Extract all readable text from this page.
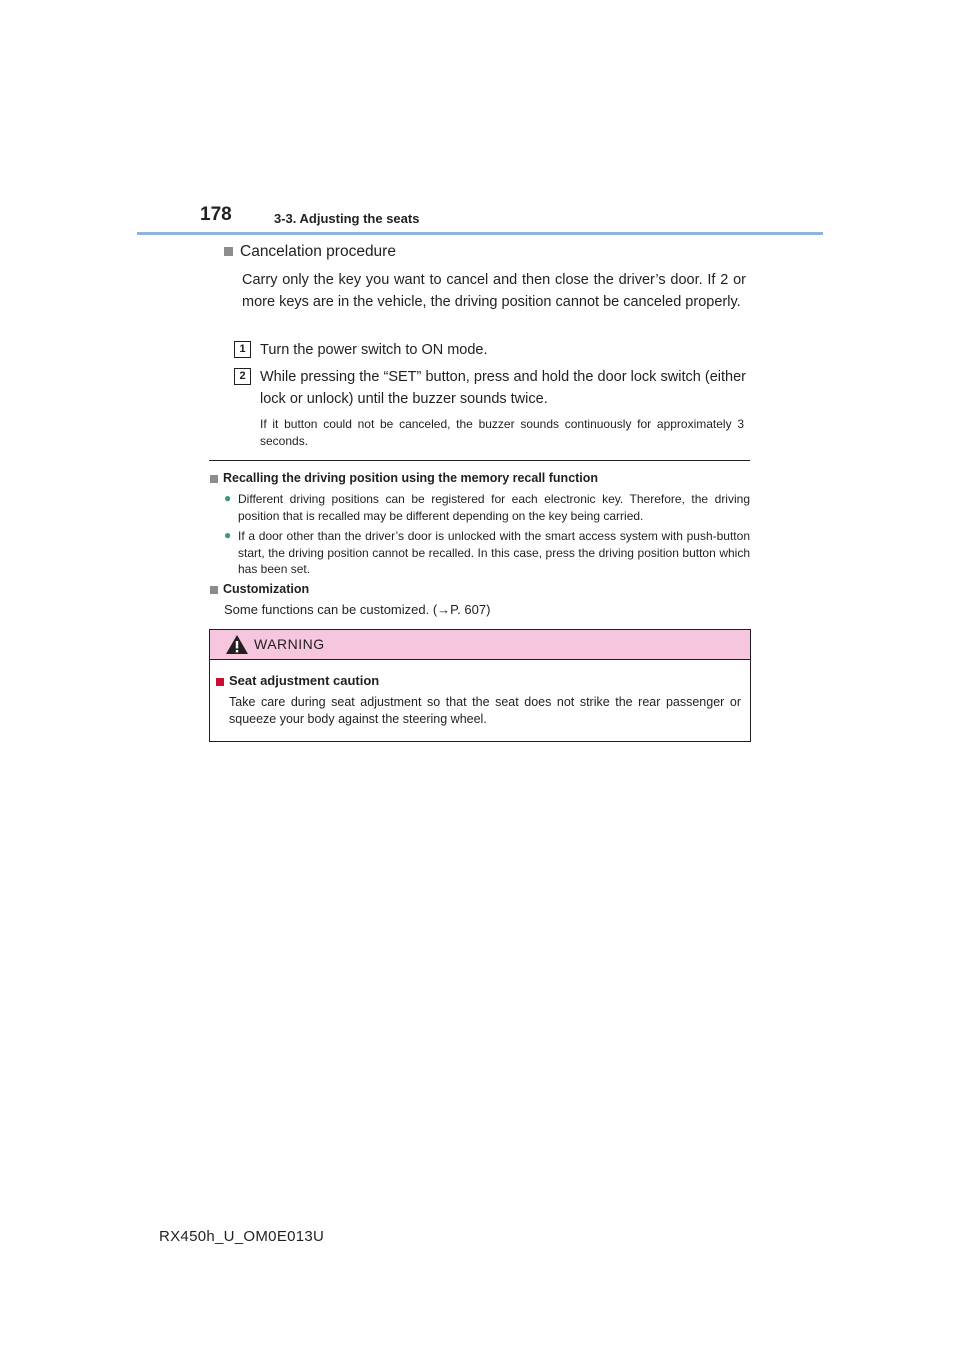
178	3-3. Adjusting the seats
Cancelation procedure
Carry only the key you want to cancel and then close the driver’s door. If 2 or more keys are in the vehicle, the driving position cannot be canceled properly.
1 Turn the power switch to ON mode.
2 While pressing the “SET” button, press and hold the door lock switch (either lock or unlock) until the buzzer sounds twice.
If it button could not be canceled, the buzzer sounds continuously for approximately 3 seconds.
Recalling the driving position using the memory recall function
● Different driving positions can be registered for each electronic key. Therefore, the driving position that is recalled may be different depending on the key being carried.
● If a door other than the driver’s door is unlocked with the smart access system with push-button start, the driving position cannot be recalled. In this case, press the driving position button which has been set.
Customization
Some functions can be customized. (→P. 607)
WARNING
Seat adjustment caution
Take care during seat adjustment so that the seat does not strike the rear passenger or squeeze your body against the steering wheel.
RX450h_U_OM0E013U
